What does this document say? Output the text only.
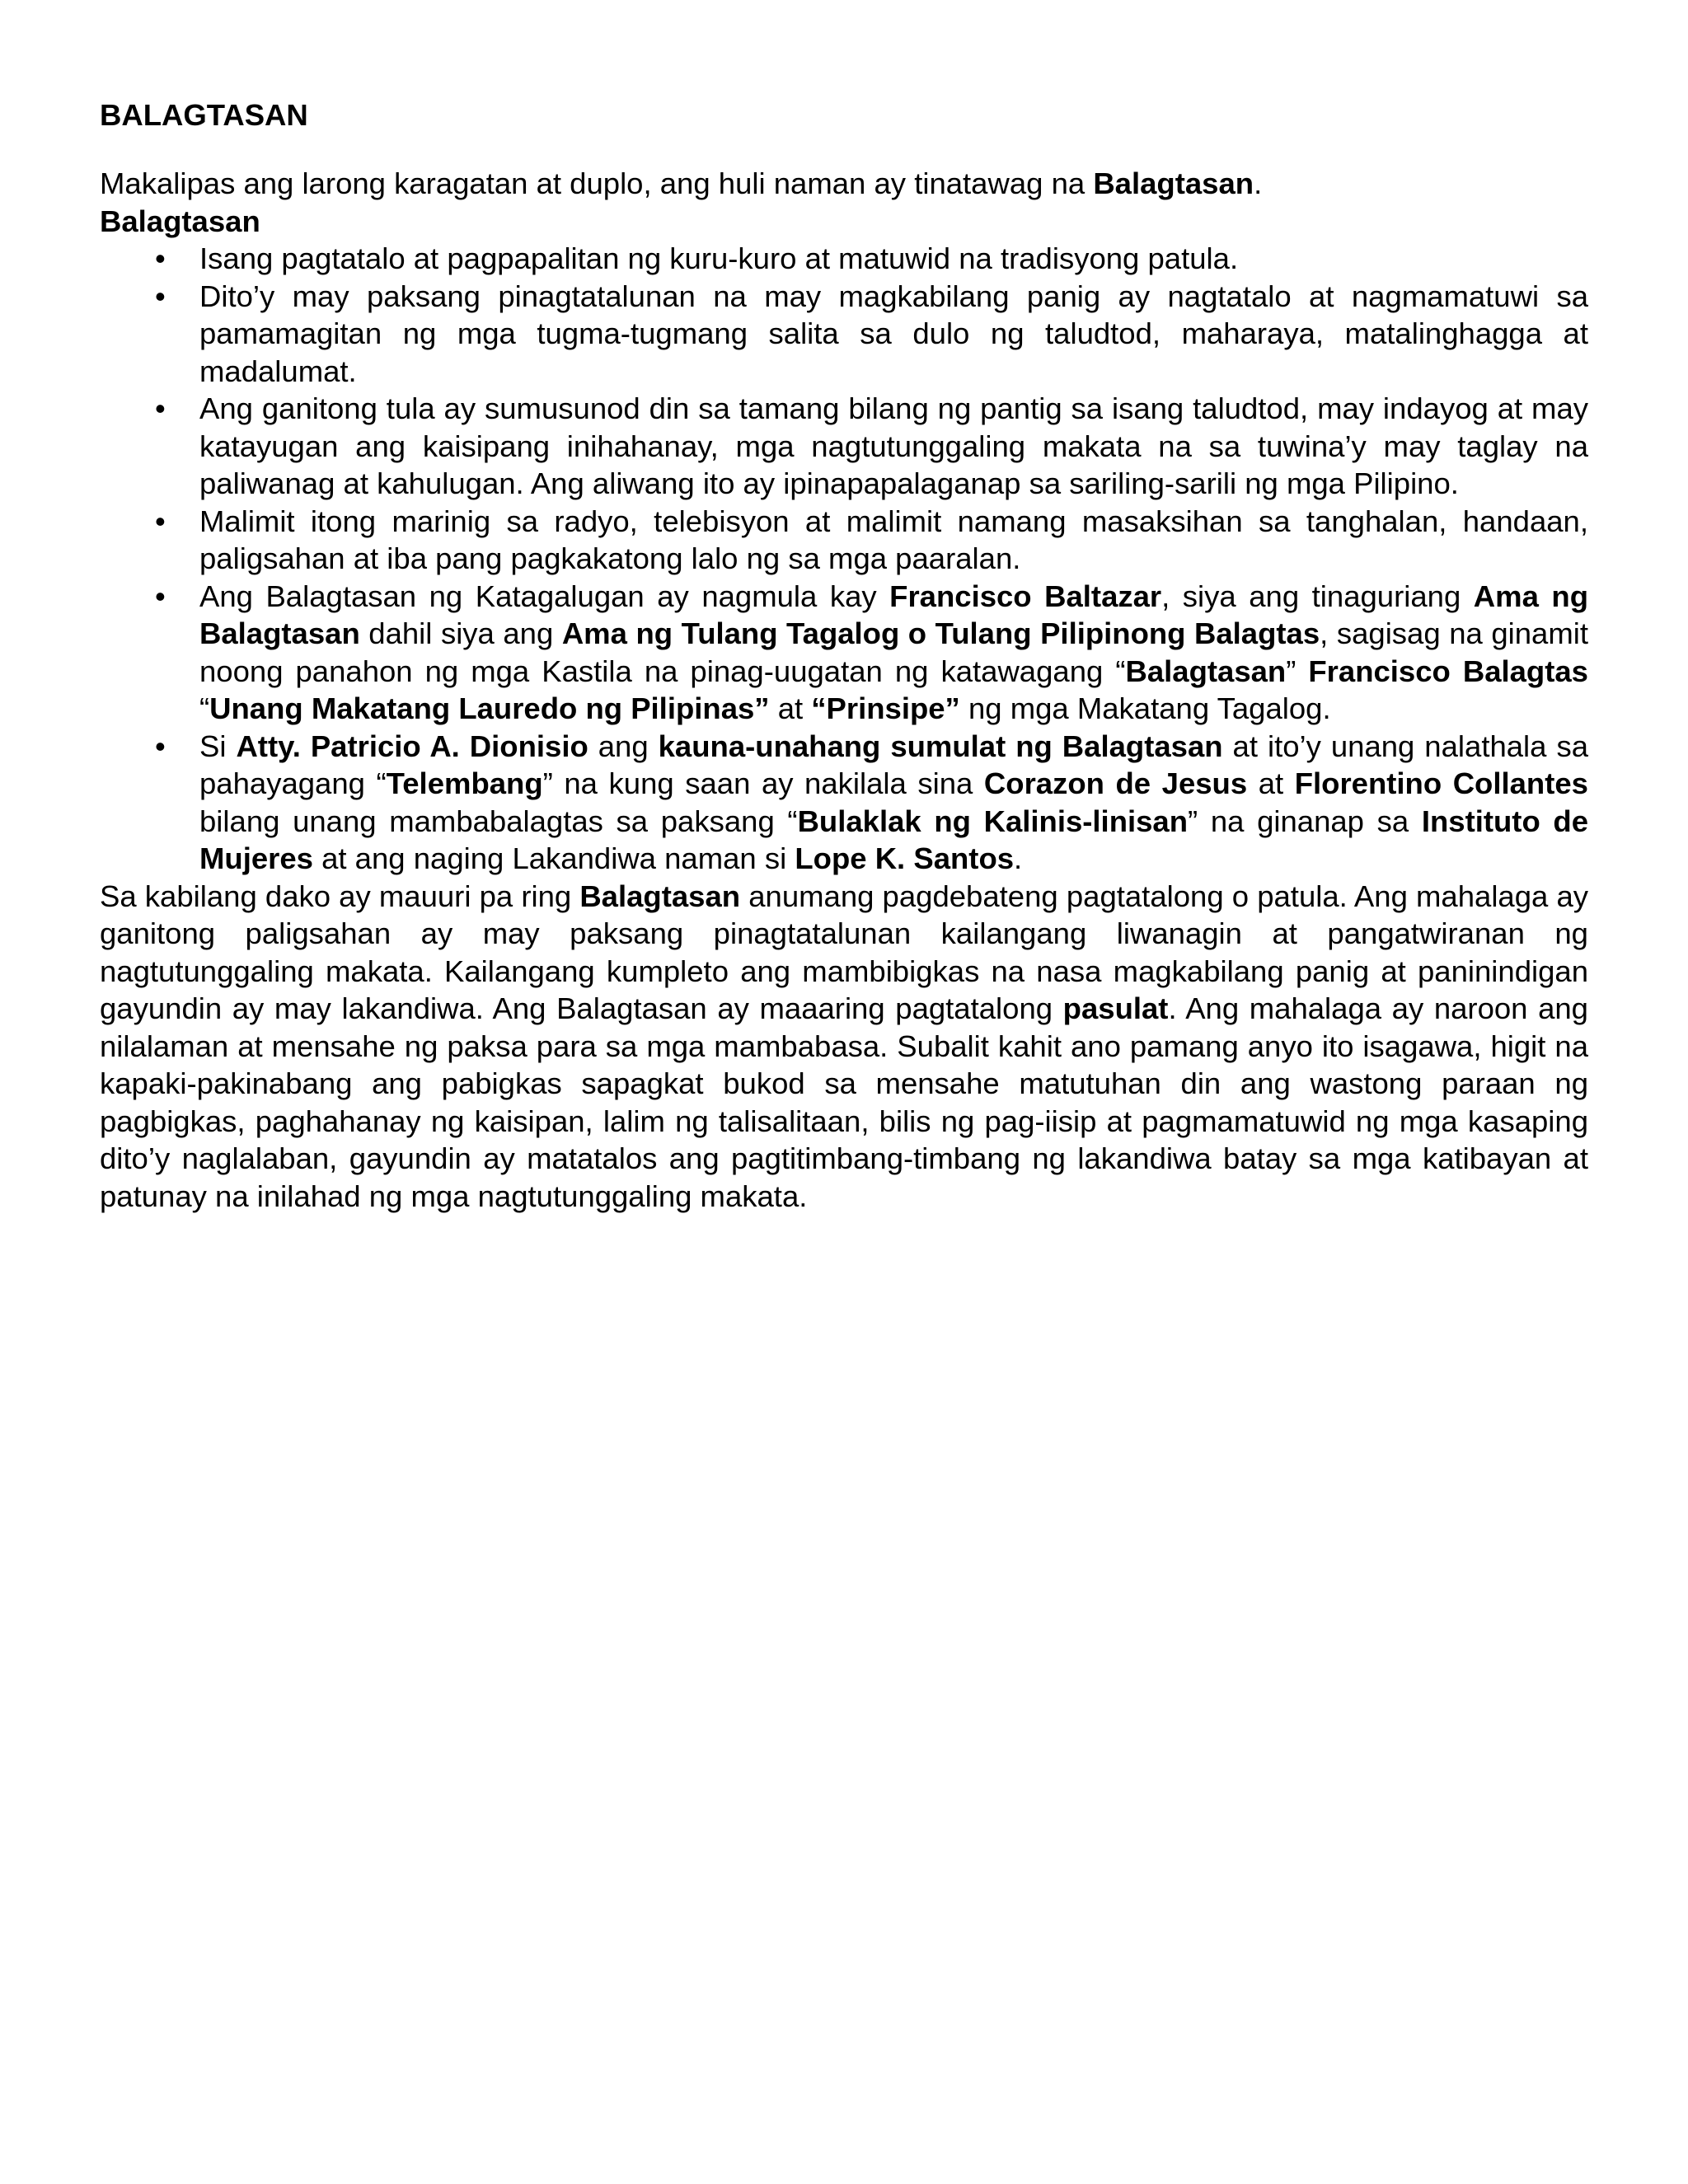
BALAGTASAN

Makalipas ang larong karagatan at duplo, ang huli naman ay tinatawag na Balagtasan.

Balagtasan
• Isang pagtatalo at pagpapalitan ng kuru-kuro at matuwid na tradisyong patula.
• Dito’y may paksang pinagtatalunan na may magkabilang panig ay nagtatalo at nagmamatuwi sa pamamagitan ng mga tugma-tugmang salita sa dulo ng taludtod, maharaya, matalinghagga at madalumat.
• Ang ganitong tula ay sumusunod din sa tamang bilang ng pantig sa isang taludtod, may indayog at may katayugan ang kaisipang inihahanay, mga nagtutunggaling makata na sa tuwina’y may taglay na paliwanag at kahulugan. Ang aliwang ito ay ipinapapalaganap sa sariling-sarili ng mga Pilipino.
• Malimit itong marinig sa radyo, telebisyon at malimit namang masaksihan sa tanghalan, handaan, paligsahan at iba pang pagkakatong lalo ng sa mga paaralan.
• Ang Balagtasan ng Katagalugan ay nagmula kay Francisco Baltazar, siya ang tinaguriang Ama ng Balagtasan dahil siya ang Ama ng Tulang Tagalog o Tulang Pilipinong Balagtas, sagisag na ginamit noong panahon ng mga Kastila na pinag-uugatan ng katawagang “Balagtasan” Francisco Balagtas “Unang Makatang Lauredo ng Pilipinas” at “Prinsipe” ng mga Makatang Tagalog.
• Si Atty. Patricio A. Dionisio ang kauna-unahang sumulat ng Balagtasan at ito’y unang nalathala sa pahayagang “Telembang” na kung saan ay nakilala sina Corazon de Jesus at Florentino Collantes bilang unang mambabalagtas sa paksang “Bulaklak ng Kalinis-linisan” na ginanap sa Instituto de Mujeres at ang naging Lakandiwa naman si Lope K. Santos.

Sa kabilang dako ay mauuri pa ring Balagtasan anumang pagdebateng pagtatalong o patula. Ang mahalaga ay ganitong paligsahan ay may paksang pinagtatalunan kailangang liwanagin at pangatwiranan ng nagtutunggaling makata. Kailangang kumpleto ang mambibigkas na nasa magkabilang panig at paninindigan gayundin ay may lakandiwa. Ang Balagtasan ay maaaring pagtatalong pasulat. Ang mahalaga ay naroon ang nilalaman at mensahe ng paksa para sa mga mambabasa. Subalit kahit ano pamang anyo ito isagawa, higit na kapaki-pakinabang ang pabigkas sapagkat bukod sa mensahe matutuhan din ang wastong paraan ng pagbigkas, paghahanay ng kaisipan, lalim ng talisalitaan, bilis ng pag-iisip at pagmamatuwid ng mga kasaping dito’y naglalaban, gayundin ay matatalos ang pagtitimbang-timbang ng lakandiwa batay sa mga katibayan at patunay na inilahad ng mga nagtutunggaling makata.
